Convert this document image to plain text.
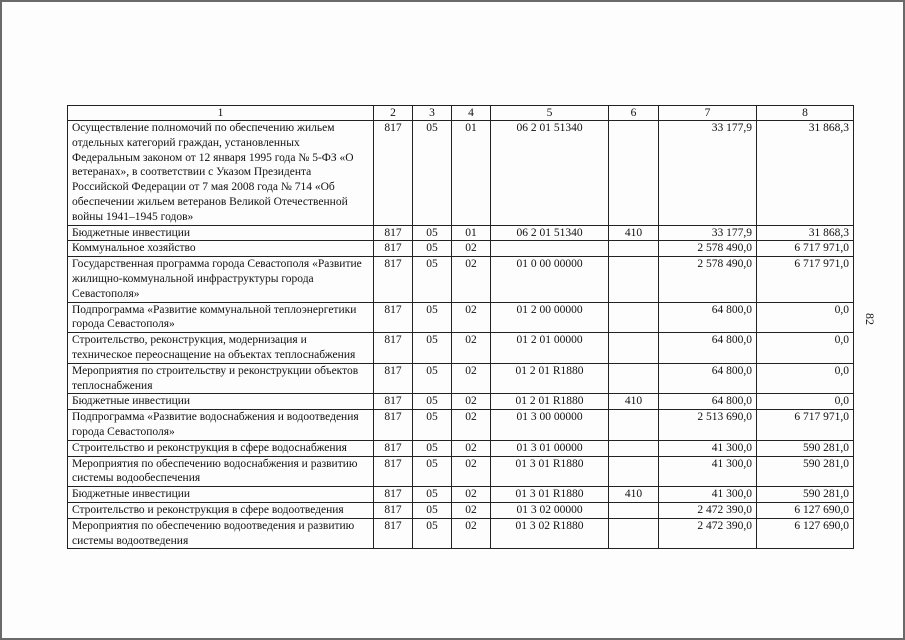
1	2	3	4	5	6	7	8
Осуществление полномочий по обеспечению жильем отдельных категорий граждан, установленных Федеральным законом от 12 января 1995 года № 5-ФЗ «О ветеранах», в соответствии с Указом Президента Российской Федерации от 7 мая 2008 года № 714 «Об обеспечении жильем ветеранов Великой Отечественной войны 1941–1945 годов»	817	05	01	06 2 01 51340		33 177,9	31 868,3
Бюджетные инвестиции	817	05	01	06 2 01 51340	410	33 177,9	31 868,3
Коммунальное хозяйство	817	05	02			2 578 490,0	6 717 971,0
Государственная программа города Севастополя «Развитие жилищно-коммунальной инфраструктуры города Севастополя»	817	05	02	01 0 00 00000		2 578 490,0	6 717 971,0
Подпрограмма «Развитие коммунальной теплоэнергетики города Севастополя»	817	05	02	01 2 00 00000		64 800,0	0,0
Строительство, реконструкция, модернизация и техническое переоснащение на объектах теплоснабжения	817	05	02	01 2 01 00000		64 800,0	0,0
Мероприятия по строительству и реконструкции объектов теплоснабжения	817	05	02	01 2 01 R1880		64 800,0	0,0
Бюджетные инвестиции	817	05	02	01 2 01 R1880	410	64 800,0	0,0
Подпрограмма «Развитие водоснабжения и водоотведения города Севастополя»	817	05	02	01 3 00 00000		2 513 690,0	6 717 971,0
Строительство и реконструкция в сфере водоснабжения	817	05	02	01 3 01 00000		41 300,0	590 281,0
Мероприятия по обеспечению водоснабжения и развитию системы водообеспечения	817	05	02	01 3 01 R1880		41 300,0	590 281,0
Бюджетные инвестиции	817	05	02	01 3 01 R1880	410	41 300,0	590 281,0
Строительство и реконструкция в сфере водоотведения	817	05	02	01 3 02 00000		2 472 390,0	6 127 690,0
Мероприятия по обеспечению водоотведения и развитию системы водоотведения	817	05	02	01 3 02 R1880		2 472 390,0	6 127 690,0
82
